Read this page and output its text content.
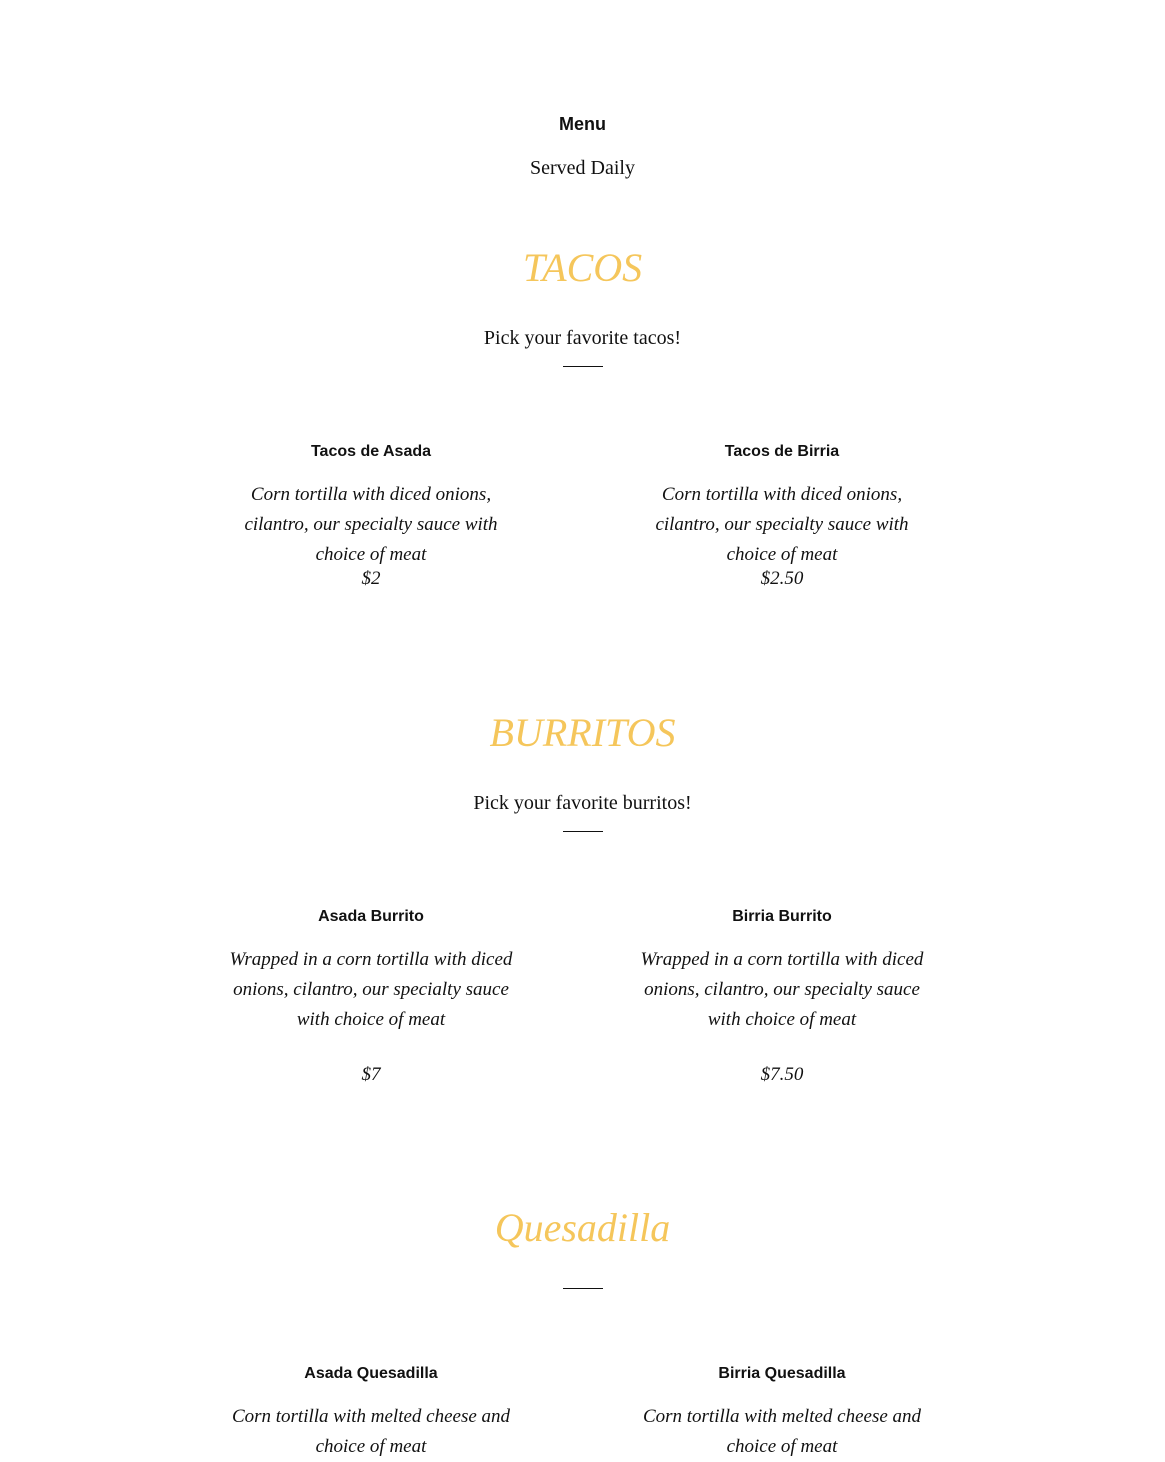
Menu
Served Daily
TACOS
Pick your favorite tacos!
Tacos de Asada
Corn tortilla with diced onions, cilantro, our specialty sauce with choice of meat
$2
Tacos de Birria
Corn tortilla with diced onions, cilantro, our specialty sauce with choice of meat
$2.50
BURRITOS
Pick your favorite burritos!
Asada Burrito
Wrapped in a corn tortilla with diced onions, cilantro, our specialty sauce with choice of meat
$7
Birria Burrito
Wrapped in a corn tortilla with diced onions, cilantro, our specialty sauce with choice of meat
$7.50
Quesadilla
Asada Quesadilla
Corn tortilla with melted cheese and choice of meat
Birria Quesadilla
Corn tortilla with melted cheese and choice of meat
